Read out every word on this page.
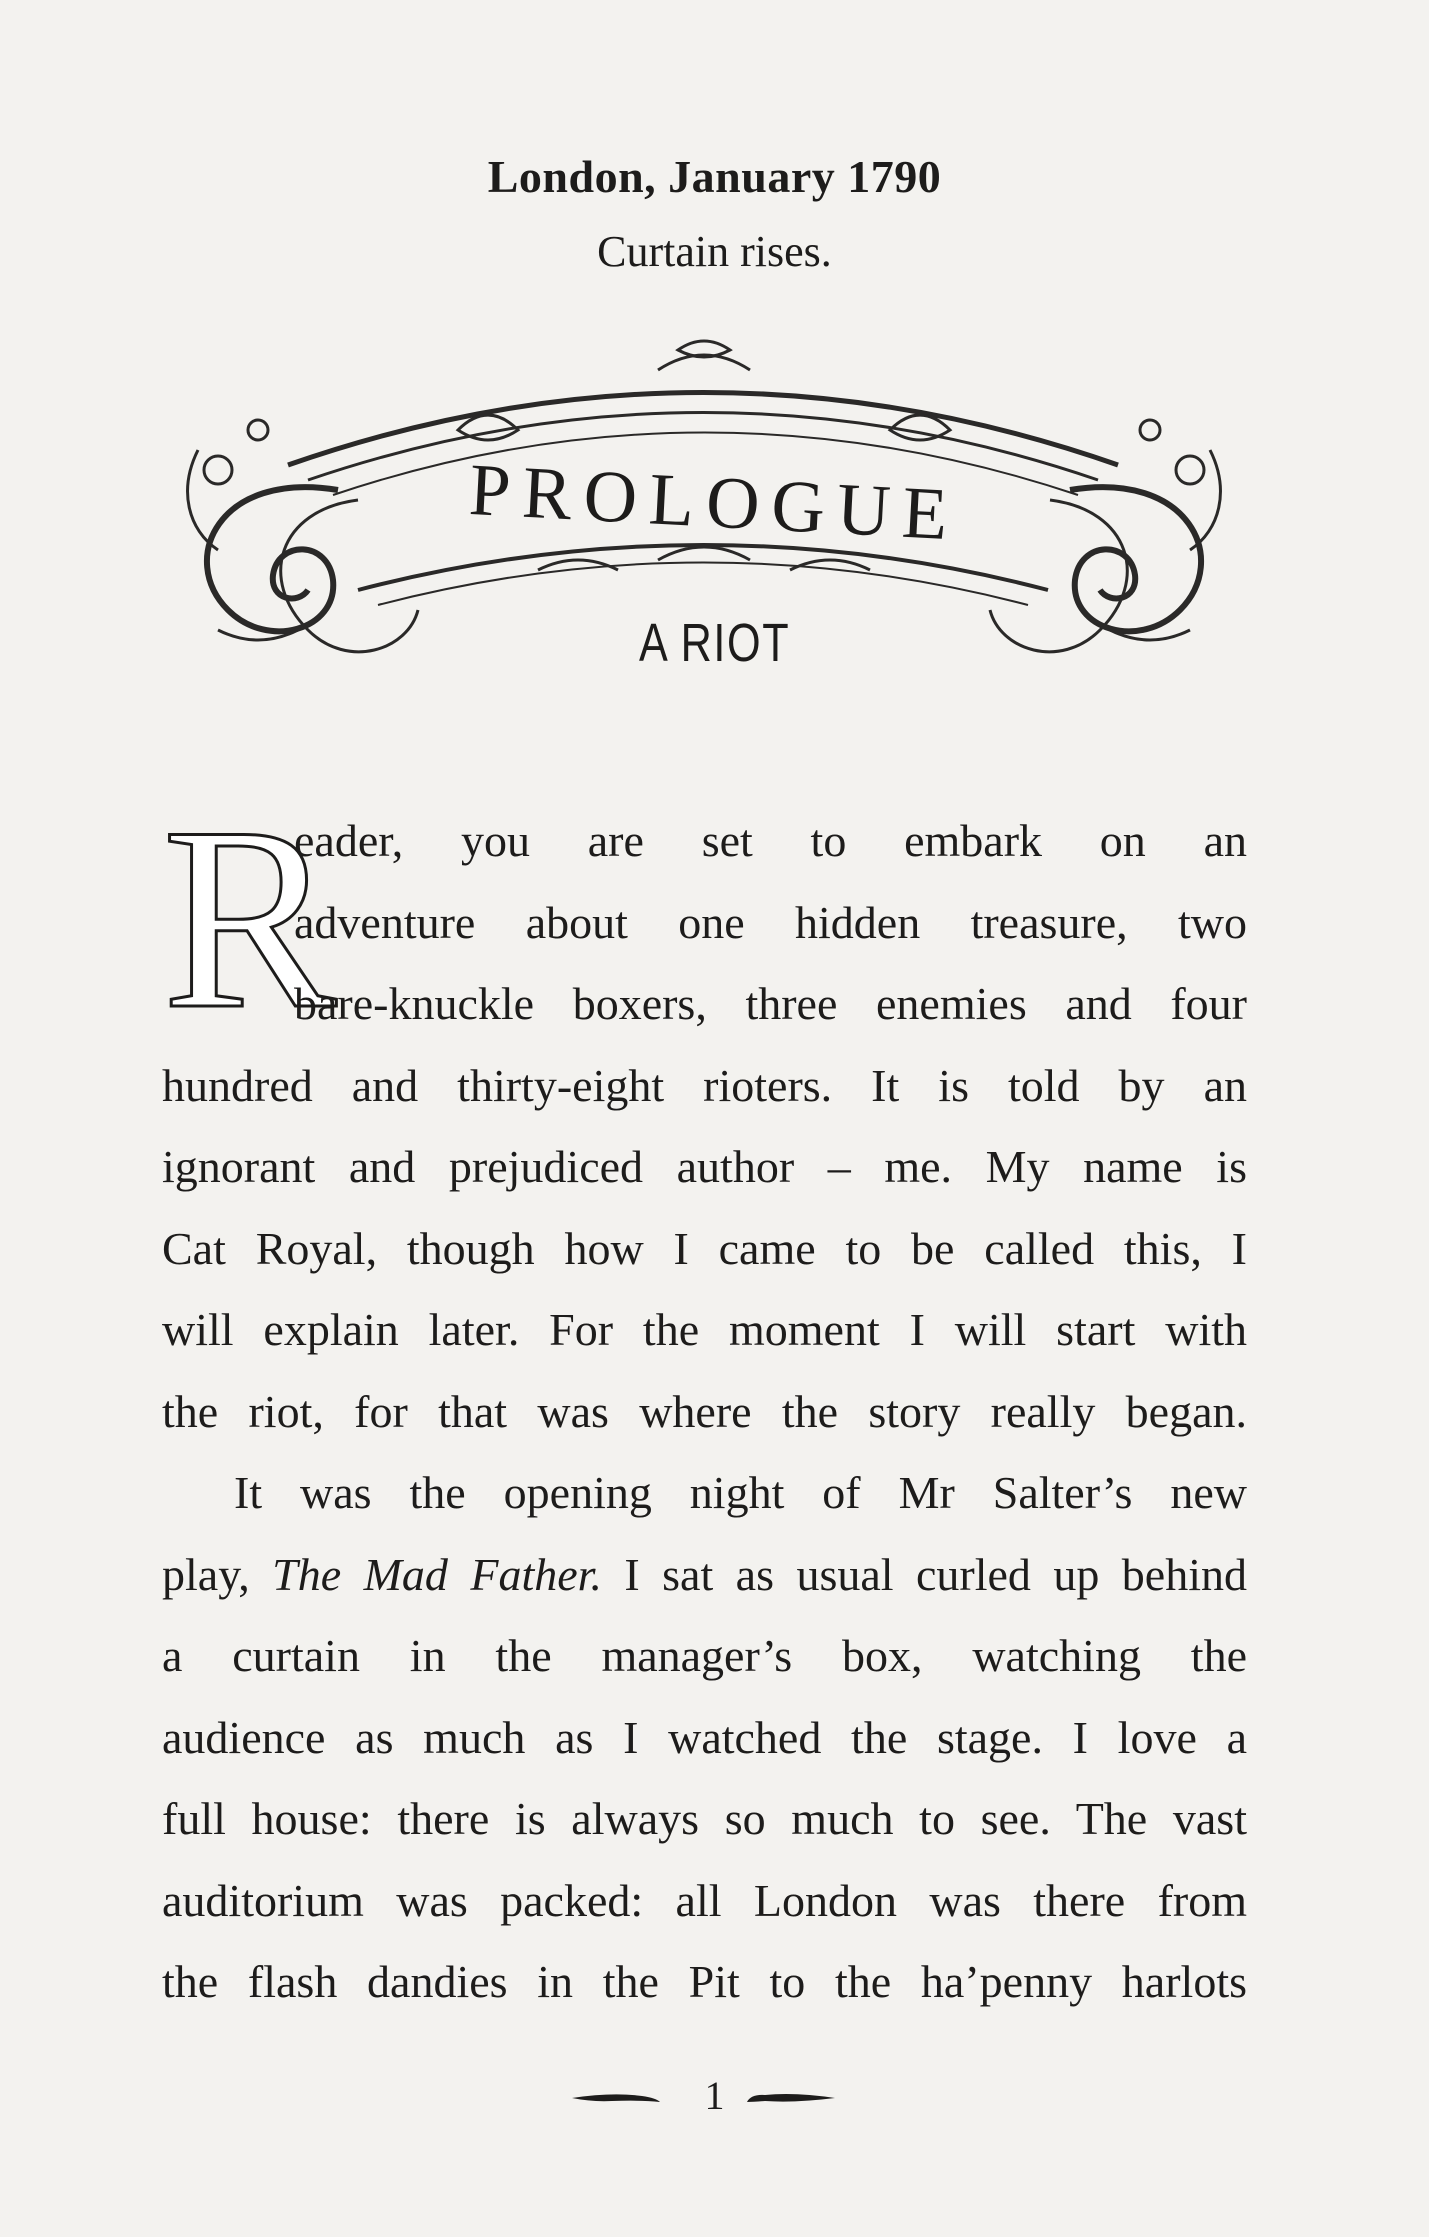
London, January 1790
Curtain rises.
PROLOGUE
A RIOT
R
eader, you are set to embark on an
adventure about one hidden treasure, two
bare-knuckle boxers, three enemies and four
hundred and thirty-eight rioters. It is told by an
ignorant and prejudiced author – me. My name is
Cat Royal, though how I came to be called this, I
will explain later. For the moment I will start with
the riot, for that was where the story really began.
It was the opening night of Mr Salter’s new
play, The Mad Father. I sat as usual curled up behind
a curtain in the manager’s box, watching the
audience as much as I watched the stage. I love a
full house: there is always so much to see. The vast
auditorium was packed: all London was there from
the flash dandies in the Pit to the ha’penny harlots
1
